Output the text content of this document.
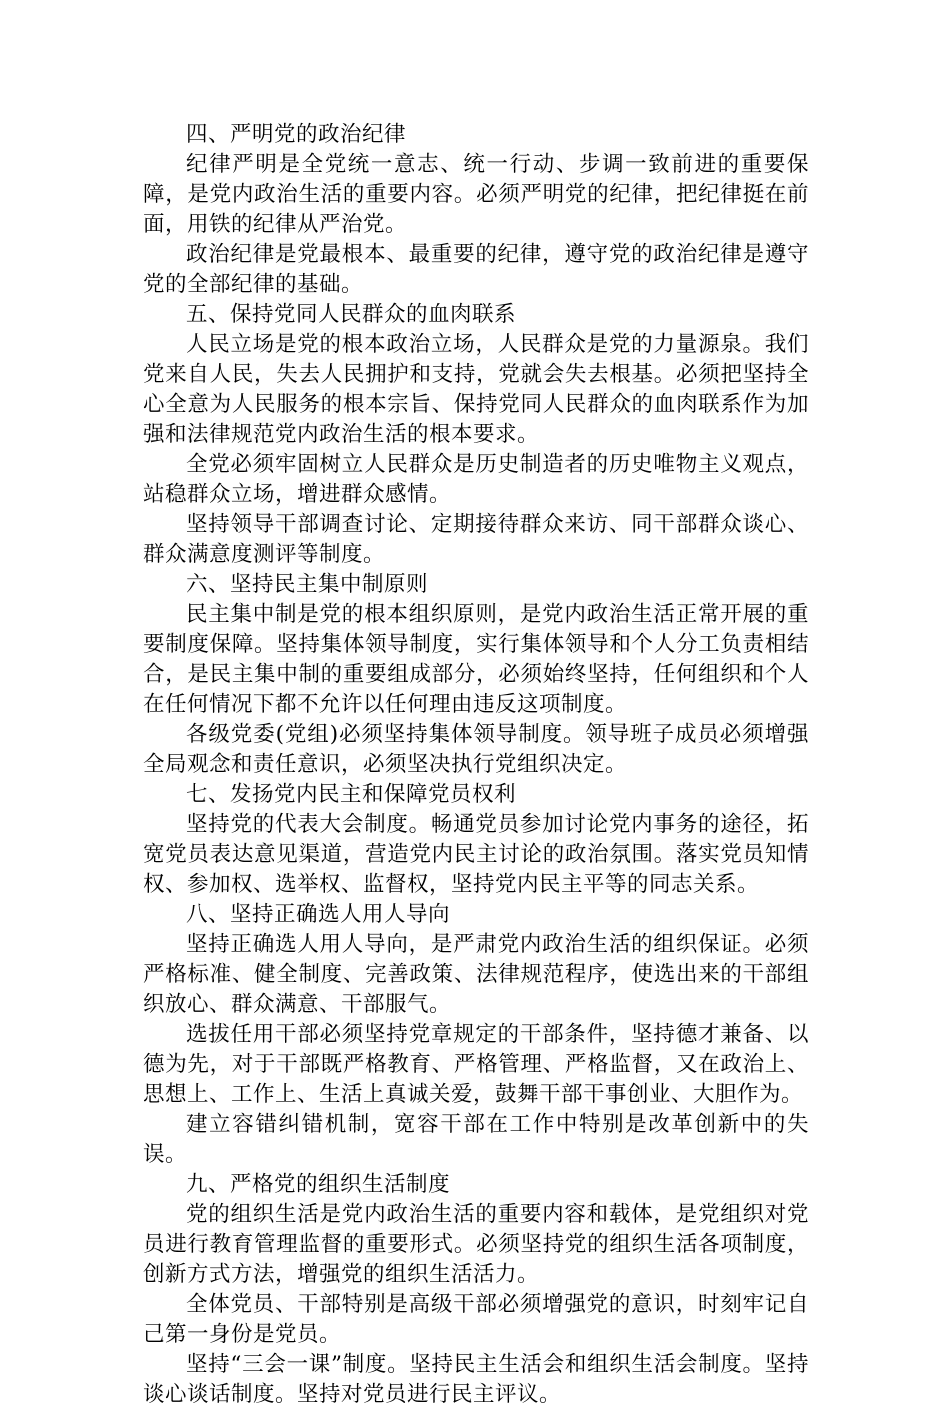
四、严明党的政治纪律

纪律严明是全党统一意志、统一行动、步调一致前进的重要保障，是党内政治生活的重要内容。必须严明党的纪律，把纪律挺在前面，用铁的纪律从严治党。

政治纪律是党最根本、最重要的纪律，遵守党的政治纪律是遵守党的全部纪律的基础。

五、保持党同人民群众的血肉联系

人民立场是党的根本政治立场，人民群众是党的力量源泉。我们党来自人民，失去人民拥护和支持，党就会失去根基。必须把坚持全心全意为人民服务的根本宗旨、保持党同人民群众的血肉联系作为加强和法律规范党内政治生活的根本要求。

全党必须牢固树立人民群众是历史制造者的历史唯物主义观点，站稳群众立场，增进群众感情。

坚持领导干部调查讨论、定期接待群众来访、同干部群众谈心、群众满意度测评等制度。

六、坚持民主集中制原则

民主集中制是党的根本组织原则，是党内政治生活正常开展的重要制度保障。坚持集体领导制度，实行集体领导和个人分工负责相结合，是民主集中制的重要组成部分，必须始终坚持，任何组织和个人在任何情况下都不允许以任何理由违反这项制度。

各级党委(党组)必须坚持集体领导制度。领导班子成员必须增强全局观念和责任意识，必须坚决执行党组织决定。

七、发扬党内民主和保障党员权利

坚持党的代表大会制度。畅通党员参加讨论党内事务的途径，拓宽党员表达意见渠道，营造党内民主讨论的政治氛围。落实党员知情权、参加权、选举权、监督权，坚持党内民主平等的同志关系。

八、坚持正确选人用人导向

坚持正确选人用人导向，是严肃党内政治生活的组织保证。必须严格标准、健全制度、完善政策、法律规范程序，使选出来的干部组织放心、群众满意、干部服气。

选拔任用干部必须坚持党章规定的干部条件，坚持德才兼备、以德为先，对于干部既严格教育、严格管理、严格监督，又在政治上、思想上、工作上、生活上真诚关爱，鼓舞干部干事创业、大胆作为。

建立容错纠错机制，宽容干部在工作中特别是改革创新中的失误。

九、严格党的组织生活制度

党的组织生活是党内政治生活的重要内容和载体，是党组织对党员进行教育管理监督的重要形式。必须坚持党的组织生活各项制度，创新方式方法，增强党的组织生活活力。

全体党员、干部特别是高级干部必须增强党的意识，时刻牢记自己第一身份是党员。

坚持“三会一课”制度。坚持民主生活会和组织生活会制度。坚持谈心谈话制度。坚持对党员进行民主评议。
